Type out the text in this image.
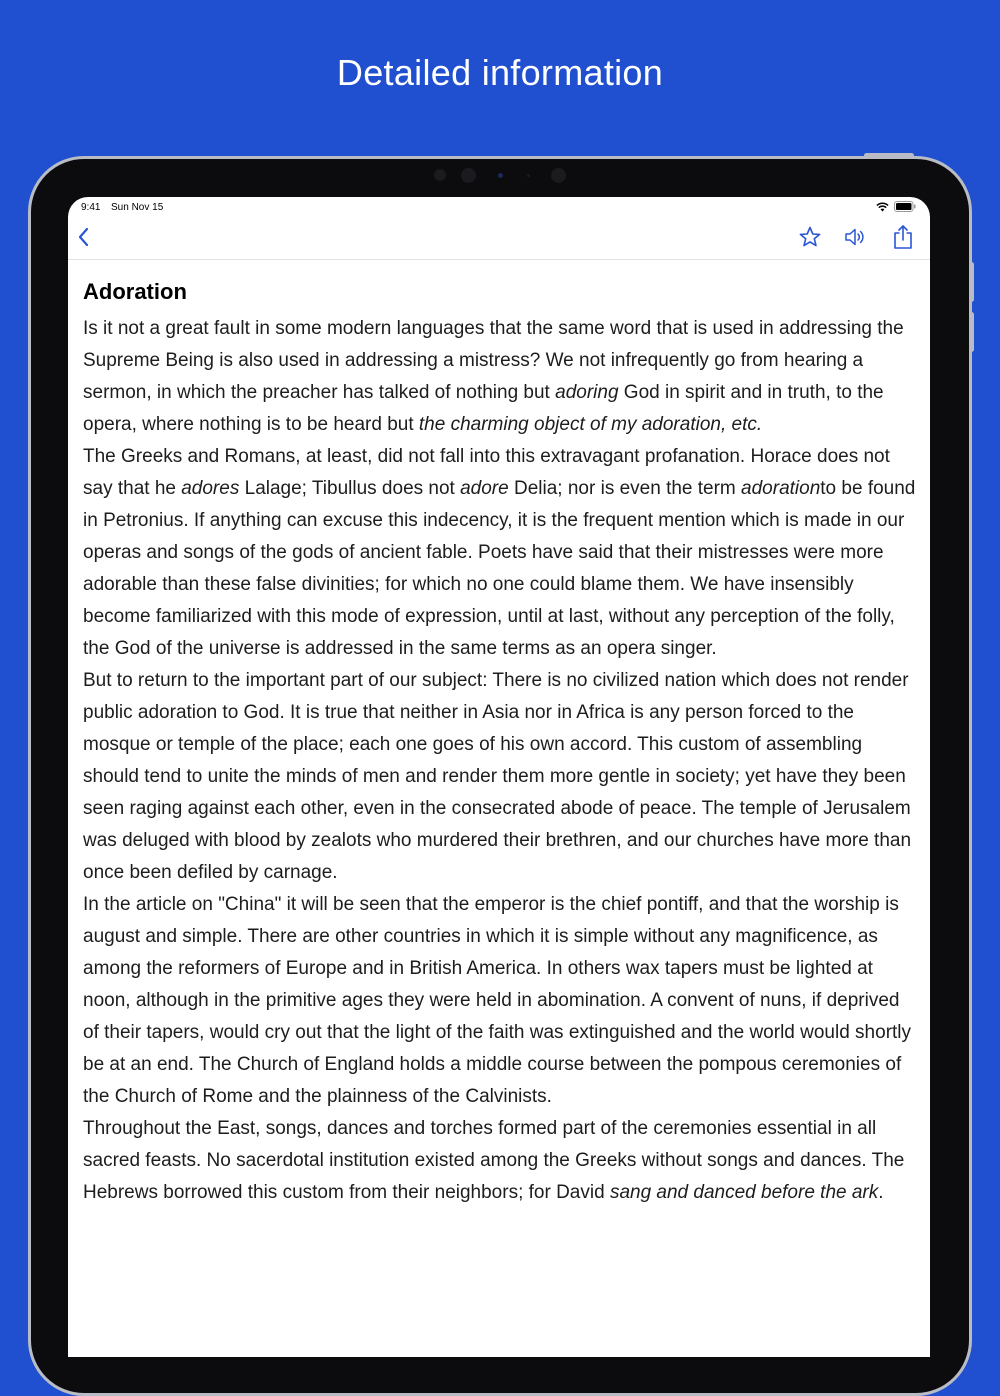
Detailed information
9:41 Sun Nov 15
Adoration

Is it not a great fault in some modern languages that the same word that is used in addressing the Supreme Being is also used in addressing a mistress? We not infrequently go from hearing a sermon, in which the preacher has talked of nothing but adoring God in spirit and in truth, to the opera, where nothing is to be heard but the charming object of my adoration, etc.

The Greeks and Romans, at least, did not fall into this extravagant profanation. Horace does not say that he adores Lalage; Tibullus does not adore Delia; nor is even the term adorationto be found in Petronius. If anything can excuse this indecency, it is the frequent mention which is made in our operas and songs of the gods of ancient fable. Poets have said that their mistresses were more adorable than these false divinities; for which no one could blame them. We have insensibly become familiarized with this mode of expression, until at last, without any perception of the folly, the God of the universe is addressed in the same terms as an opera singer.

But to return to the important part of our subject: There is no civilized nation which does not render public adoration to God. It is true that neither in Asia nor in Africa is any person forced to the mosque or temple of the place; each one goes of his own accord. This custom of assembling should tend to unite the minds of men and render them more gentle in society; yet have they been seen raging against each other, even in the consecrated abode of peace. The temple of Jerusalem was deluged with blood by zealots who murdered their brethren, and our churches have more than once been defiled by carnage.

In the article on "China" it will be seen that the emperor is the chief pontiff, and that the worship is august and simple. There are other countries in which it is simple without any magnificence, as among the reformers of Europe and in British America. In others wax tapers must be lighted at noon, although in the primitive ages they were held in abomination. A convent of nuns, if deprived of their tapers, would cry out that the light of the faith was extinguished and the world would shortly be at an end. The Church of England holds a middle course between the pompous ceremonies of the Church of Rome and the plainness of the Calvinists.

Throughout the East, songs, dances and torches formed part of the ceremonies essential in all sacred feasts. No sacerdotal institution existed among the Greeks without songs and dances. The Hebrews borrowed this custom from their neighbors; for David sang and danced before the ark.
